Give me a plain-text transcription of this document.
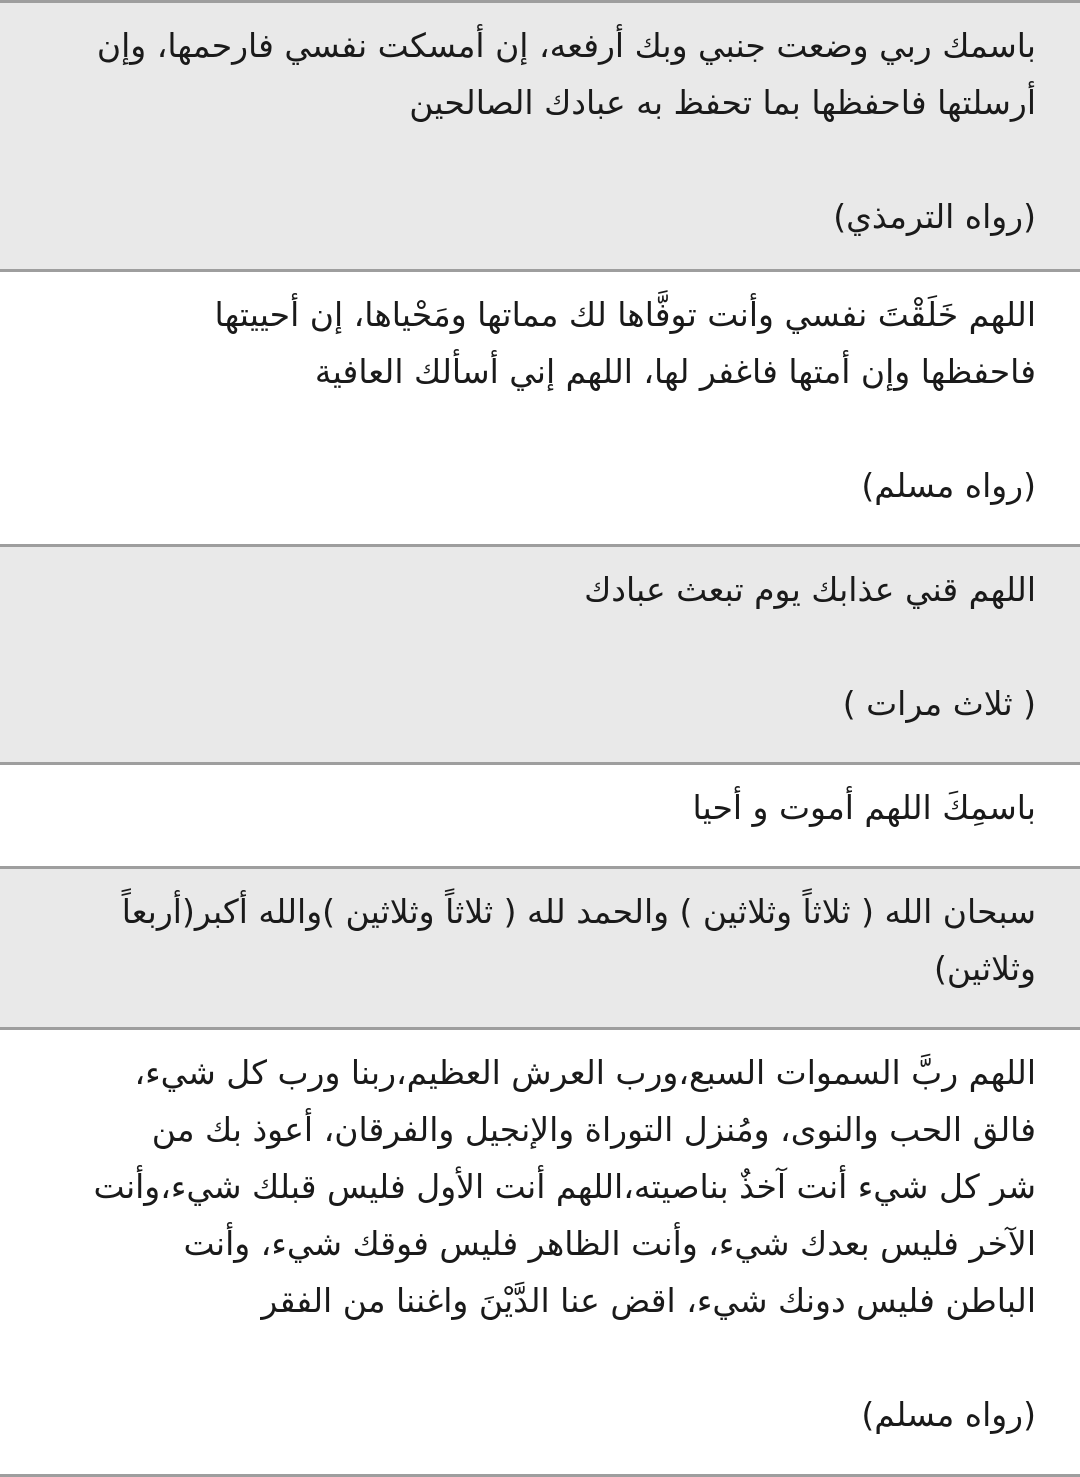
باسمك ربي وضعت جنبي وبك أرفعه، إن أمسكت نفسي فارحمها، وإن
أرسلتها فاحفظها بما تحفظ به عبادك الصالحين
(رواه الترمذي)
اللهم خَلَقْتَ نفسي وأنت توفَّاها لك مماتها ومَحْياها، إن أحييتها
فاحفظها وإن أمتها فاغفر لها، اللهم إني أسألك العافية
(رواه مسلم)
اللهم قني عذابك يوم تبعث عبادك
( ثلاث مرات )
باسمِكَ اللهم أموت و أحيا
سبحان الله ( ثلاثاً وثلاثين ) والحمد لله ( ثلاثاً وثلاثين )والله أكبر(أربعاً
وثلاثين)
اللهم ربَّ السموات السبع،ورب العرش العظيم،ربنا ورب كل شيء،
فالق الحب والنوى، ومُنزل التوراة والإنجيل والفرقان، أعوذ بك من
شر كل شيء أنت آخذٌ بناصيته،اللهم أنت الأول فليس قبلك شيء،وأنت
الآخر فليس بعدك شيء، وأنت الظاهر فليس فوقك شيء، وأنت
الباطن فليس دونك شيء، اقض عنا الدَّيْنَ واغننا من الفقر
(رواه مسلم)
